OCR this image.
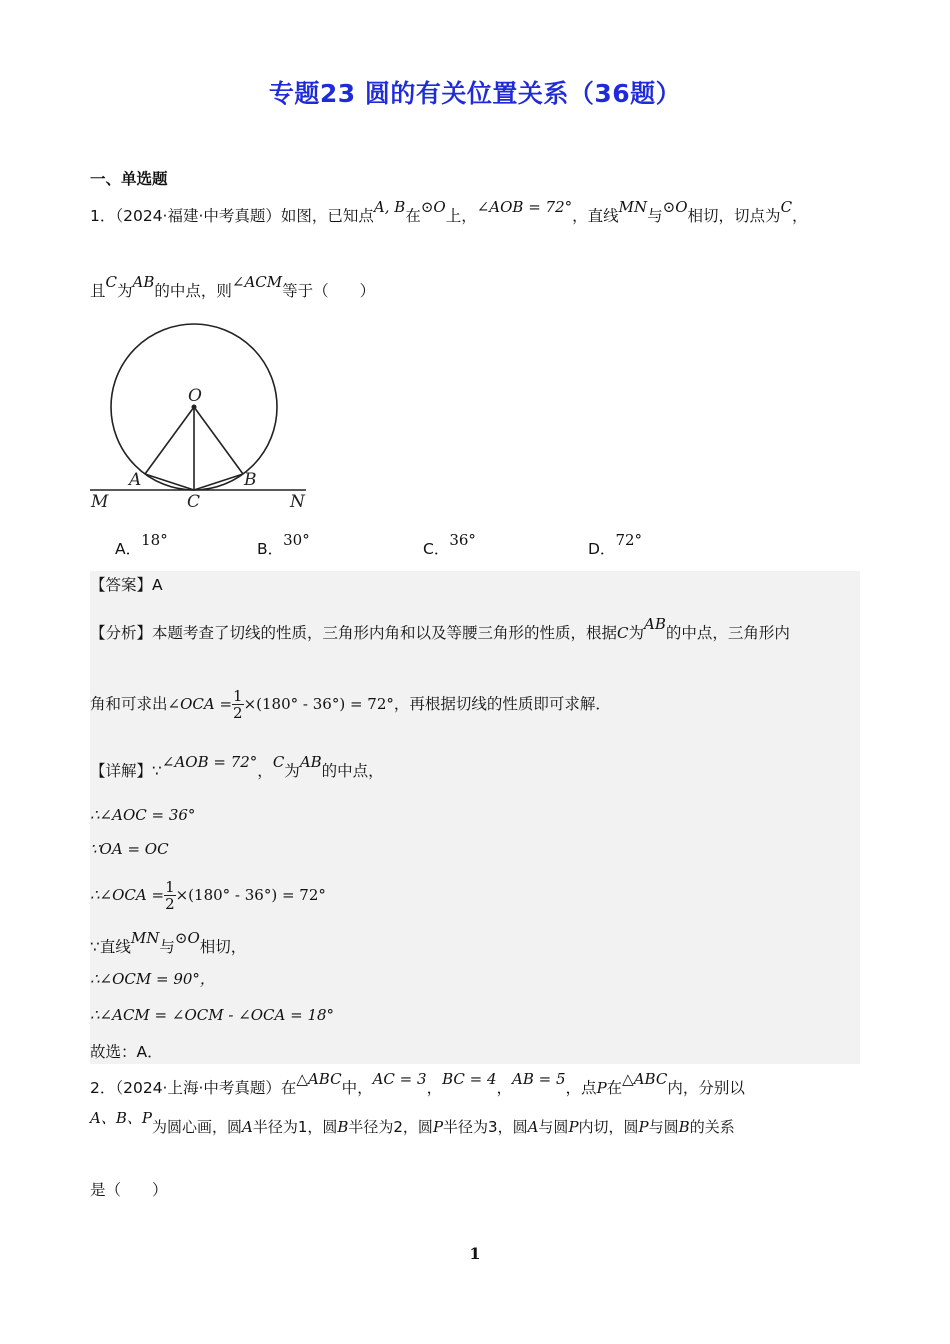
专题23 圆的有关位置关系（36题）
一、单选题
1．（2024·福建·中考真题）如图，已知点A, B在⊙O上，∠AOB = 72°，直线MN与⊙O相切，切点为C，
且C为AB的中点，则∠ACM等于（　　）
O
A	B
C
M	N
A．18°	B．30°	C．36°	D．72°
【答案】A
【分析】本题考查了切线的性质，三角形内角和以及等腰三角形的性质，根据C为AB的中点，三角形内
角和可求出∠OCA = $\frac{1}{2} \times(180^\circ - 36^\circ) = 72^\circ$，再根据切线的性质即可求解．
【详解】∵∠AOB = 72°，C为AB的中点，
∴∠AOC = 36°
∵OA = OC
∴∠OCA = $\frac{1}{2} \times(180^\circ - 36^\circ) = 72^\circ$
∵直线MN与⊙O相切，
∴∠OCM = 90°，
∴∠ACM = ∠OCM - ∠OCA = 18°
故选：A．
2．（2024·上海·中考真题）在△ABC中，AC = 3，BC = 4，AB = 5，点P在△ABC内，分别以
A、B、P为圆心画，圆A半径为1，圆B半径为2，圆P半径为3，圆A与圆P内切，圆P与圆B的关系
是（　　）
1
